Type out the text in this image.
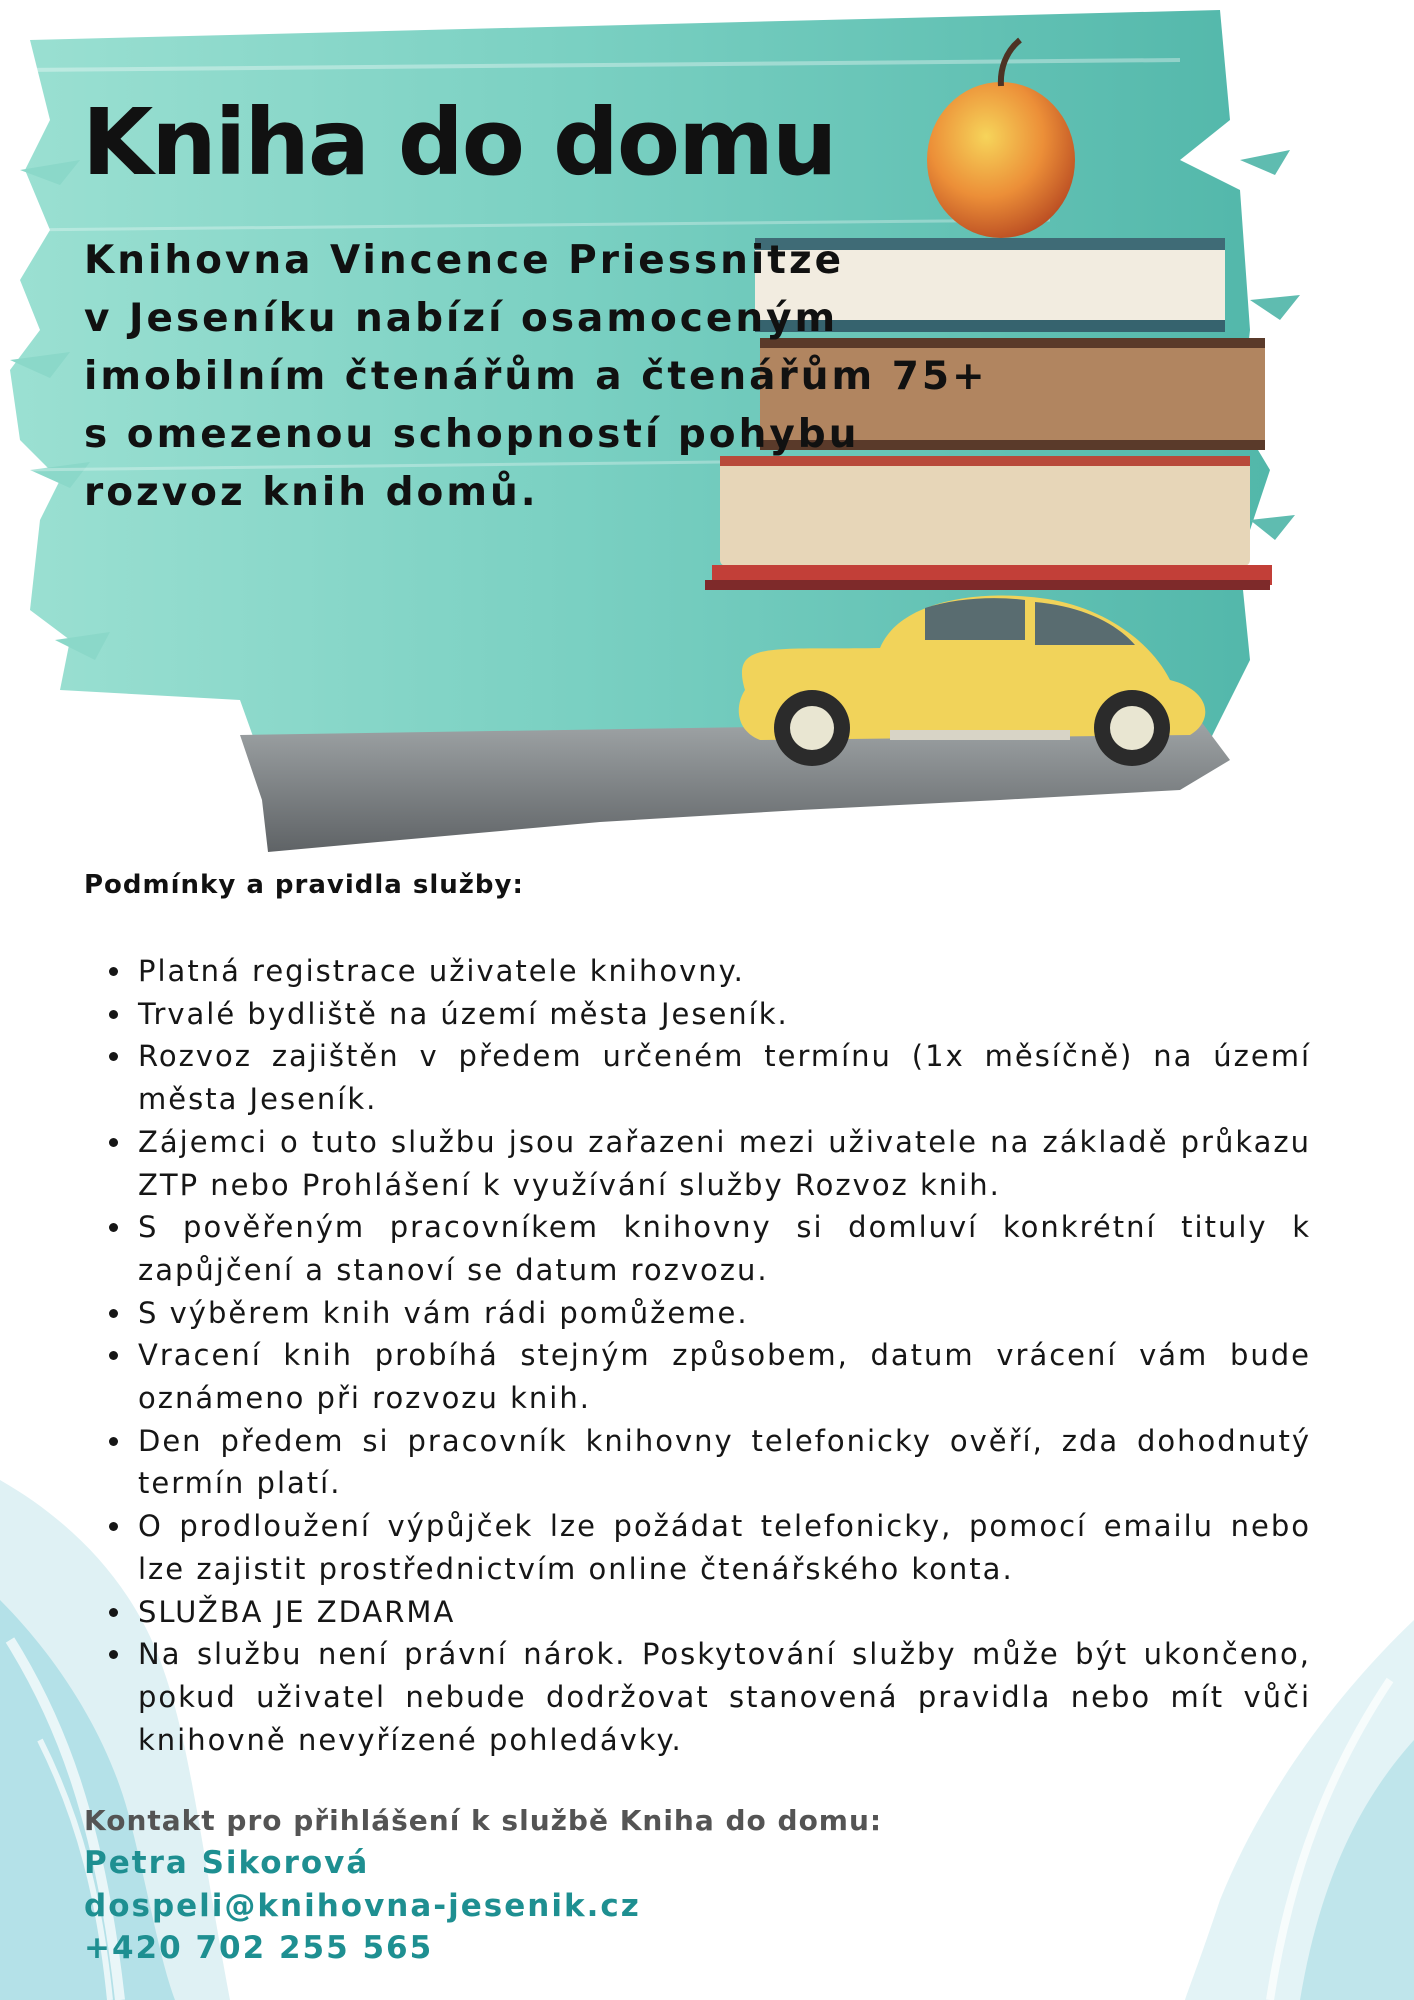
Kniha do domu

Knihovna Vincence Priessnitze
v Jeseníku nabízí osamoceným
imobilním čtenářům a čtenářům 75+
s omezenou schopností pohybu
rozvoz knih domů.

Podmínky a pravidla služby:
Platná registrace uživatele knihovny.
Trvalé bydliště na území města Jeseník.
Rozvoz zajištěn v předem určeném termínu (1x měsíčně) na území města Jeseník.
Zájemci o tuto službu jsou zařazeni mezi uživatele na základě průkazu ZTP nebo Prohlášení k využívání služby Rozvoz knih.
S pověřeným pracovníkem knihovny si domluví konkrétní tituly k zapůjčení a stanoví se datum rozvozu.
S výběrem knih vám rádi pomůžeme.
Vracení knih probíhá stejným způsobem, datum vrácení vám bude oznámeno při rozvozu knih.
Den předem si pracovník knihovny telefonicky ověří, zda dohodnutý termín platí.
O prodloužení výpůjček lze požádat telefonicky, pomocí emailu nebo lze zajistit prostřednictvím online čtenářského konta.
SLUŽBA JE ZDARMA
Na službu není právní nárok. Poskytování služby může být ukončeno, pokud uživatel nebude dodržovat stanovená pravidla nebo mít vůči knihovně nevyřízené pohledávky.

Kontakt pro přihlášení k službě Kniha do domu:

Petra Sikorová
dospeli@knihovna-jesenik.cz
+420 702 255 565
